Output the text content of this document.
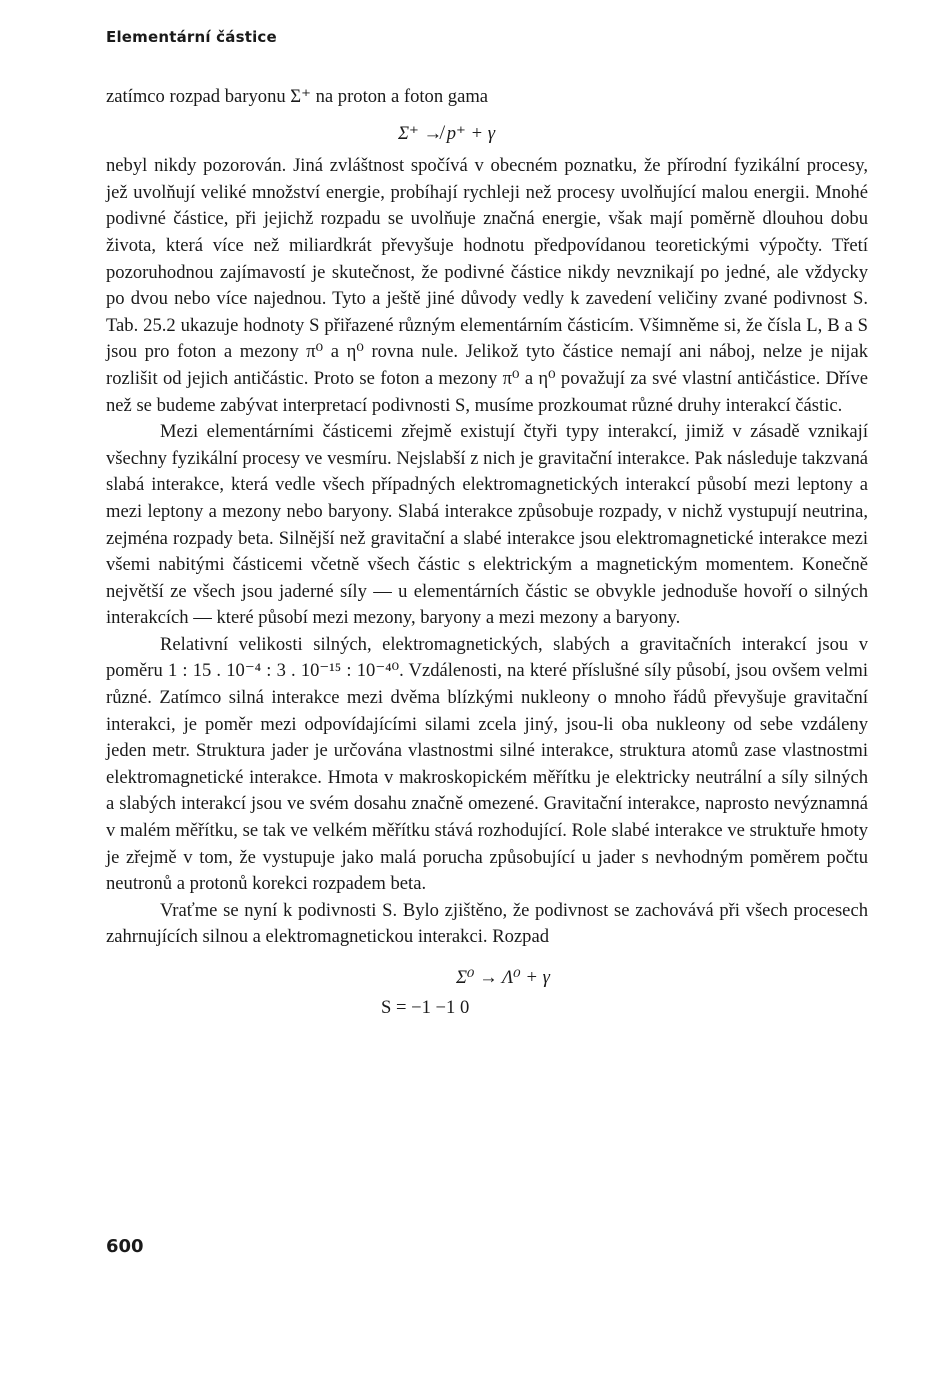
Elementární částice

zatímco rozpad baryonu Σ⁺ na proton a foton gama

Σ⁺ ↛ p⁺ + γ

nebyl nikdy pozorován. Jiná zvláštnost spočívá v obecném poznatku, že přírodní fyzikální procesy, jež uvolňují veliké množství energie, probíhají rychleji než procesy uvolňující malou energii. Mnohé podivné částice, při jejichž rozpadu se uvolňuje značná energie, však mají poměrně dlouhou dobu života, která více než miliardkrát převyšuje hodnotu předpovídanou teoretickými výpočty. Třetí pozoruhodnou zajímavostí je skutečnost, že podivné částice nikdy nevznikají po jedné, ale vždycky po dvou nebo více najednou. Tyto a ještě jiné důvody vedly k zavedení veličiny zvané podivnost S. Tab. 25.2 ukazuje hodnoty S přiřazené různým elementárním částicím. Všimněme si, že čísla L, B a S jsou pro foton a mezony π⁰ a η⁰ rovna nule. Jelikož tyto částice nemají ani náboj, nelze je nijak rozlišit od jejich antičástic. Proto se foton a mezony π⁰ a η⁰ považují za své vlastní antičástice. Dříve než se budeme zabývat interpretací podivnosti S, musíme prozkoumat různé druhy interakcí částic.

Mezi elementárními částicemi zřejmě existují čtyři typy interakcí, jimiž v zásadě vznikají všechny fyzikální procesy ve vesmíru. Nejslabší z nich je gravitační interakce. Pak následuje takzvaná slabá interakce, která vedle všech případných elektromagnetických interakcí působí mezi leptony a mezi leptony a mezony nebo baryony. Slabá interakce způsobuje rozpady, v nichž vystupují neutrina, zejména rozpady beta. Silnější než gravitační a slabé interakce jsou elektromagnetické interakce mezi všemi nabitými částicemi včetně všech částic s elektrickým a magnetickým momentem. Konečně největší ze všech jsou jaderné síly — u elementárních částic se obvykle jednoduše hovoří o silných interakcích — které působí mezi mezony, baryony a mezi mezony a baryony.

Relativní velikosti silných, elektromagnetických, slabých a gravitačních interakcí jsou v poměru 1 : 15 . 10⁻⁴ : 3 . 10⁻¹⁵ : 10⁻⁴⁰. Vzdálenosti, na které příslušné síly působí, jsou ovšem velmi různé. Zatímco silná interakce mezi dvěma blízkými nukleony o mnoho řádů převyšuje gravitační interakci, je poměr mezi odpovídajícími silami zcela jiný, jsou-li oba nukleony od sebe vzdáleny jeden metr. Struktura jader je určována vlastnostmi silné interakce, struktura atomů zase vlastnostmi elektromagnetické interakce. Hmota v makroskopickém měřítku je elektricky neutrální a síly silných a slabých interakcí jsou ve svém dosahu značně omezené. Gravitační interakce, naprosto nevýznamná v malém měřítku, se tak ve velkém měřítku stává rozhodující. Role slabé interakce ve struktuře hmoty je zřejmě v tom, že vystupuje jako malá porucha způsobující u jader s nevhodným poměrem počtu neutronů a protonů korekci rozpadem beta.

Vraťme se nyní k podivnosti S. Bylo zjištěno, že podivnost se zachovává při všech procesech zahrnujících silnou a elektromagnetickou interakci. Rozpad

Σ⁰ → Λ⁰ + γ
S = −1 −1 0
600
